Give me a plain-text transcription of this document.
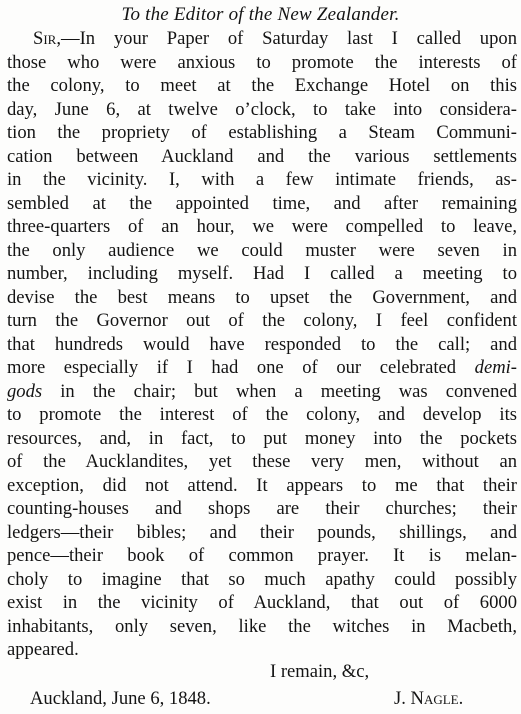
To the Editor of the New Zealander.
Sir,—In your Paper of Saturday last I called upon
those who were anxious to promote the interests of
the colony, to meet at the Exchange Hotel on this
day, June 6, at twelve o’clock, to take into considera-
tion the propriety of establishing a Steam Communi-
cation between Auckland and the various settlements
in the vicinity. I, with a few intimate friends, as-
sembled at the appointed time, and after remaining
three-quarters of an hour, we were compelled to leave,
the only audience we could muster were seven in
number, including myself. Had I called a meeting to
devise the best means to upset the Government, and
turn the Governor out of the colony, I feel confident
that hundreds would have responded to the call; and
more especially if I had one of our celebrated demi-
gods in the chair; but when a meeting was convened
to promote the interest of the colony, and develop its
resources, and, in fact, to put money into the pockets
of the Aucklandites, yet these very men, without an
exception, did not attend. It appears to me that their
counting-houses and shops are their churches; their
ledgers—their bibles; and their pounds, shillings, and
pence—their book of common prayer. It is melan-
choly to imagine that so much apathy could possibly
exist in the vicinity of Auckland, that out of 6000
inhabitants, only seven, like the witches in Macbeth,
appeared.
I remain, &c,
Auckland, June 6, 1848.	J. Nagle.
